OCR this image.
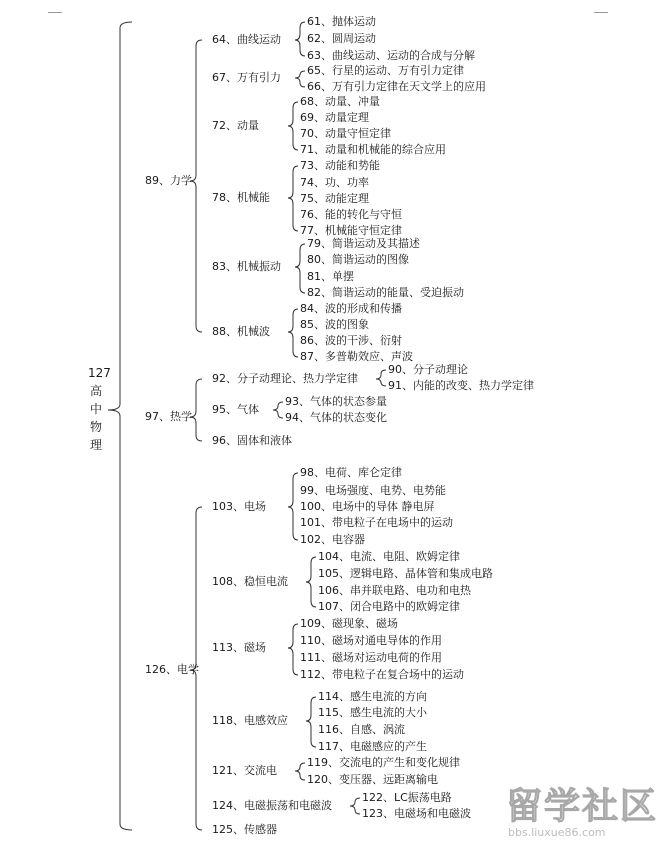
127
高
中
物
理
89、力学
64、曲线运动
61、抛体运动
62、圆周运动
63、曲线运动、运动的合成与分解
67、万有引力
65、行星的运动、万有引力定律
66、万有引力定律在天文学上的应用
72、动量
68、动量、冲量
69、动量定理
70、动量守恒定律
71、动量和机械能的综合应用
78、机械能
73、动能和势能
74、功、功率
75、动能定理
76、能的转化与守恒
77、机械能守恒定律
83、机械振动
79、简谐运动及其描述
80、简谐运动的图像
81、单摆
82、简谐运动的能量、受迫振动
88、机械波
84、波的形成和传播
85、波的图象
86、波的干涉、衍射
87、多普勒效应、声波
97、热学
92、分子动理论、热力学定律
90、分子动理论
91、内能的改变、热力学定律
95、气体
93、气体的状态参量
94、气体的状态变化
96、固体和液体
126、电学
103、电场
98、电荷、库仑定律
99、电场强度、电势、电势能
100、电场中的导体 静电屏
101、带电粒子在电场中的运动
102、电容器
108、稳恒电流
104、电流、电阻、欧姆定律
105、逻辑电路、晶体管和集成电路
106、串并联电路、电功和电热
107、闭合电路中的欧姆定律
113、磁场
109、磁现象、磁场
110、磁场对通电导体的作用
111、磁场对运动电荷的作用
112、带电粒子在复合场中的运动
118、电感效应
114、感生电流的方向
115、感生电流的大小
116、自感、涡流
117、电磁感应的产生
121、交流电
119、交流电的产生和变化规律
120、变压器、远距离输电
124、电磁振荡和电磁波
122、LC振荡电路
123、电磁场和电磁波
125、传感器
留学社区
bbs.liuxue86.com
